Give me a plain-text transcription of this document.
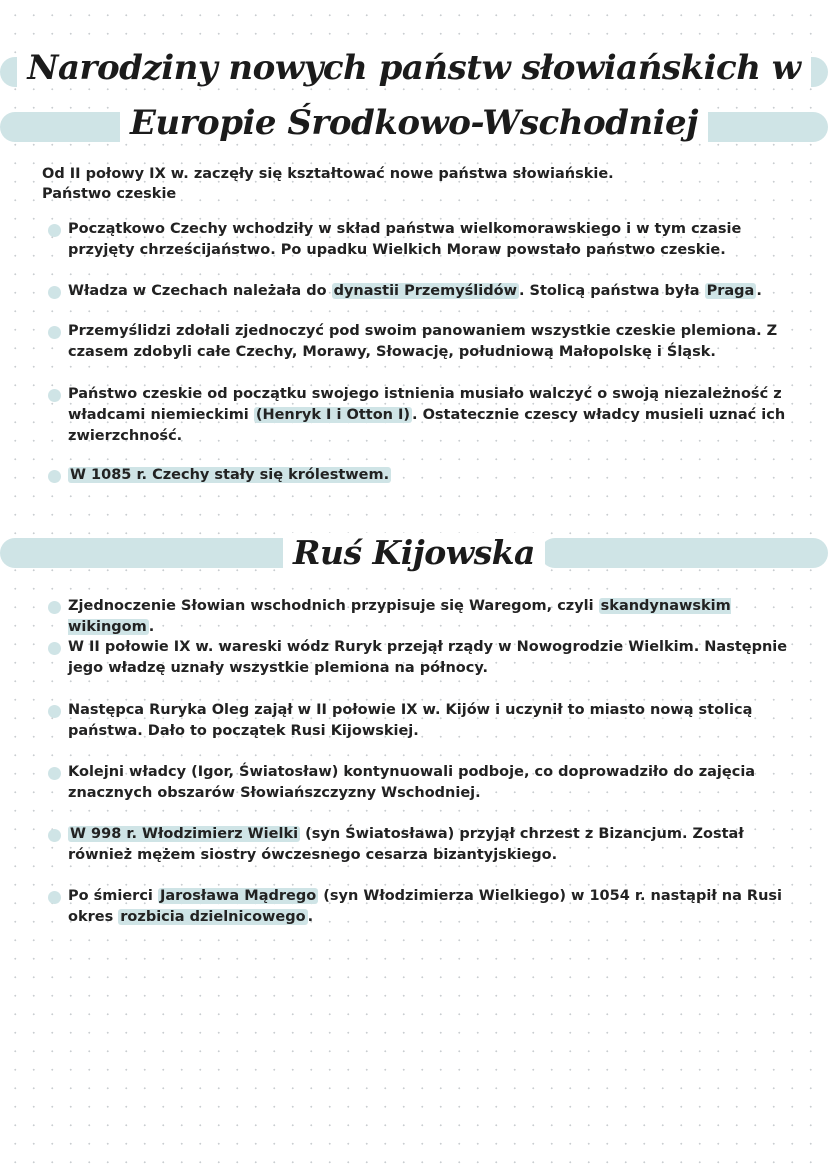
Narodziny nowych państw słowiańskich w
Europie Środkowo-Wschodniej
Od II połowy IX w. zaczęły się kształtować nowe państwa słowiańskie.
Państwo czeskie
Początkowo Czechy wchodziły w skład państwa wielkomorawskiego i w tym czasie przyjęty chrześcijaństwo. Po upadku Wielkich Moraw powstało państwo czeskie.
Władza w Czechach należała do dynastii Przemyślidów . Stolicą państwa była Praga .
Przemyślidzi zdołali zjednoczyć pod swoim panowaniem wszystkie czeskie plemiona. Z czasem zdobyli całe Czechy, Morawy, Słowację, południową Małopolskę i Śląsk.
Państwo czeskie od początku swojego istnienia musiało walczyć o swoją niezależność z władcami niemieckimi (Henryk I i Otton I) . Ostatecznie czescy władcy musieli uznać ich zwierzchność.
W 1085 r. Czechy stały się królestwem.
Ruś Kijowska
Zjednoczenie Słowian wschodnich przypisuje się Waregom, czyli skandynawskim wikingom .
W II połowie IX w. wareski wódz Ruryk przejął rządy w Nowogrodzie Wielkim. Następnie jego władzę uznały wszystkie plemiona na północy.
Następca Ruryka Oleg zajął w II połowie IX w. Kijów i uczynił to miasto nową stolicą państwa. Dało to początek Rusi Kijowskiej.
Kolejni władcy (Igor, Światosław) kontynuowali podboje, co doprowadziło do zajęcia znacznych obszarów Słowiańszczyzny Wschodniej.
W 998 r. Włodzimierz Wielki (syn Światosława) przyjął chrzest z Bizancjum. Został również mężem siostry ówczesnego cesarza bizantyjskiego.
Po śmierci Jarosława Mądrego (syn Włodzimierza Wielkiego) w 1054 r. nastąpił na Rusi okres rozbicia dzielnicowego .
